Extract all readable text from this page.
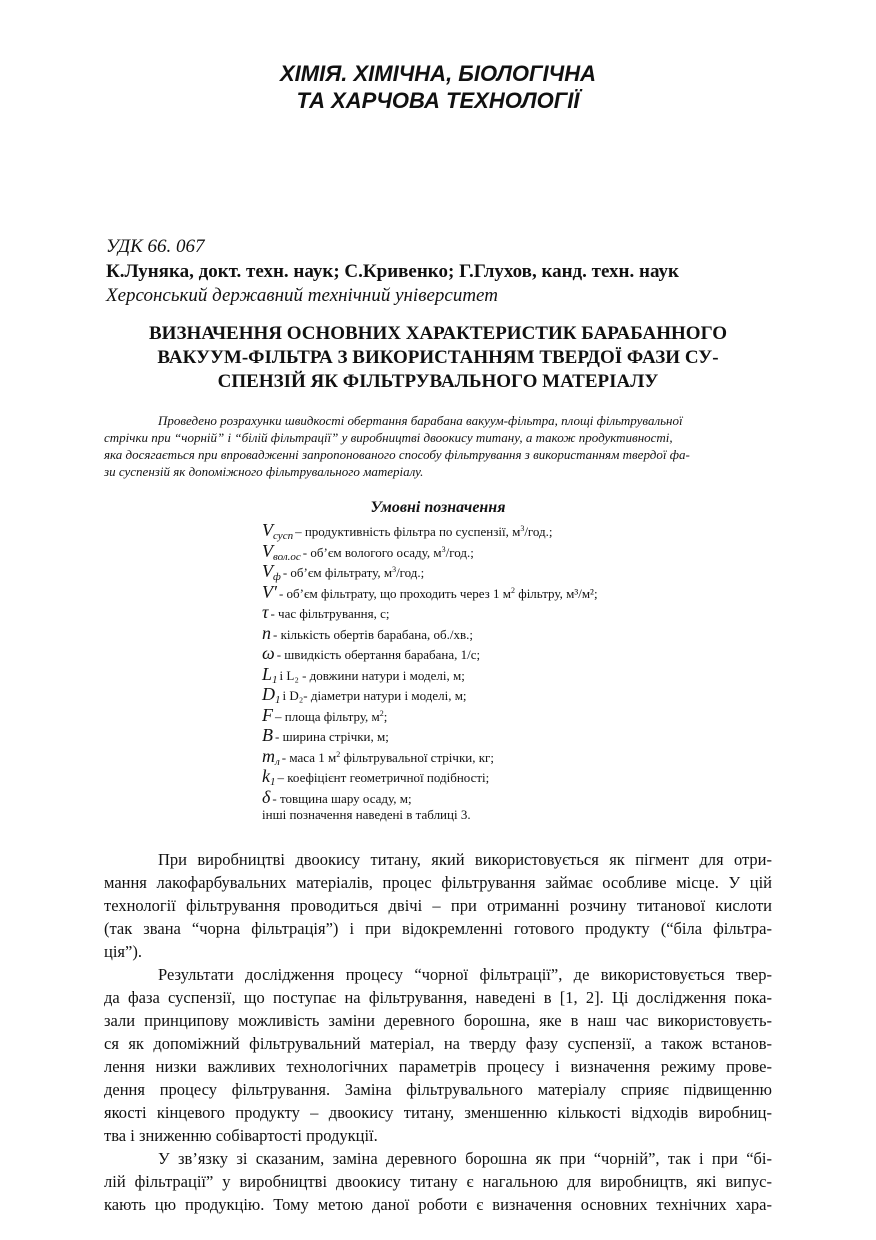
ХІМІЯ. ХІМІЧНА, БІОЛОГІЧНА
ТА ХАРЧОВА ТЕХНОЛОГІЇ
УДК 66. 067
К.Луняка, докт. техн. наук; С.Кривенко; Г.Глухов, канд. техн. наук
Херсонський державний технічний університет
ВИЗНАЧЕННЯ ОСНОВНИХ ХАРАКТЕРИСТИК БАРАБАННОГО
ВАКУУМ-ФІЛЬТРА З ВИКОРИСТАННЯМ ТВЕРДОЇ ФАЗИ СУ-
СПЕНЗІЙ ЯК ФІЛЬТРУВАЛЬНОГО МАТЕРІАЛУ
Проведено розрахунки швидкості обертання барабана вакуум-фільтра, площі фільтрувальної
стрічки при “чорній” і “білій фільтрації” у виробництві двоокису титану, а також продуктивності,
яка досягається при впровадженні запропонованого способу фільтрування з використанням твердої фа-
зи суспензій як допоміжного фільтрувального матеріалу.
Умовні позначення
$V_{сусп}$ – продуктивність фільтра по суспензії, $м^3$/год.;
$V_{вол.ос}$ - об’єм вологого осаду, $м^3$/год.;
$V_ф$ - об’єм фільтрату, $м^3$/год.;
V′ - об’єм фільтрату, що проходить через 1 $м^2$ фільтру, м³/м²;
τ - час фільтрування, с;
n - кількість обертів барабана, об./хв.;
ω - швидкість обертання барабана, 1/с;
$L_1$ і L₂ - довжини натури і моделі, м;
$D_1$ і D₂- діаметри натури і моделі, м;
F – площа фільтру, $м^2$;
B - ширина стрічки, м;
$m_л$ - маса 1 $м^2$ фільтрувальної стрічки, кг;
$k_1$ – коефіцієнт геометричної подібності;
δ - товщина шару осаду, м;
інші позначення наведені в таблиці 3.
При виробництві двоокису титану, який використовується як пігмент для отри-
мання лакофарбувальних матеріалів, процес фільтрування займає особливе місце. У цій
технології фільтрування проводиться двічі – при отриманні розчину титанової кислоти
(так звана “чорна фільтрація”) і при відокремленні готового продукту (“біла фільтра-
ція”).
Результати дослідження процесу “чорної фільтрації”, де використовується твер-
да фаза суспензії, що поступає на фільтрування, наведені в [1, 2]. Ці дослідження пока-
зали принципову можливість заміни деревного борошна, яке в наш час використовуєть-
ся як допоміжний фільтрувальний матеріал, на тверду фазу суспензії, а також встанов-
лення низки важливих технологічних параметрів процесу і визначення режиму прове-
дення процесу фільтрування. Заміна фільтрувального матеріалу сприяє підвищенню
якості кінцевого продукту – двоокису титану, зменшенню кількості відходів виробниц-
тва і зниженню собівартості продукції.
У зв’язку зі сказаним, заміна деревного борошна як при “чорній”, так і при “бі-
лій фільтрації” у виробництві двоокису титану є нагальною для виробництв, які випус-
кають цю продукцію. Тому метою даної роботи є визначення основних технічних хара-
